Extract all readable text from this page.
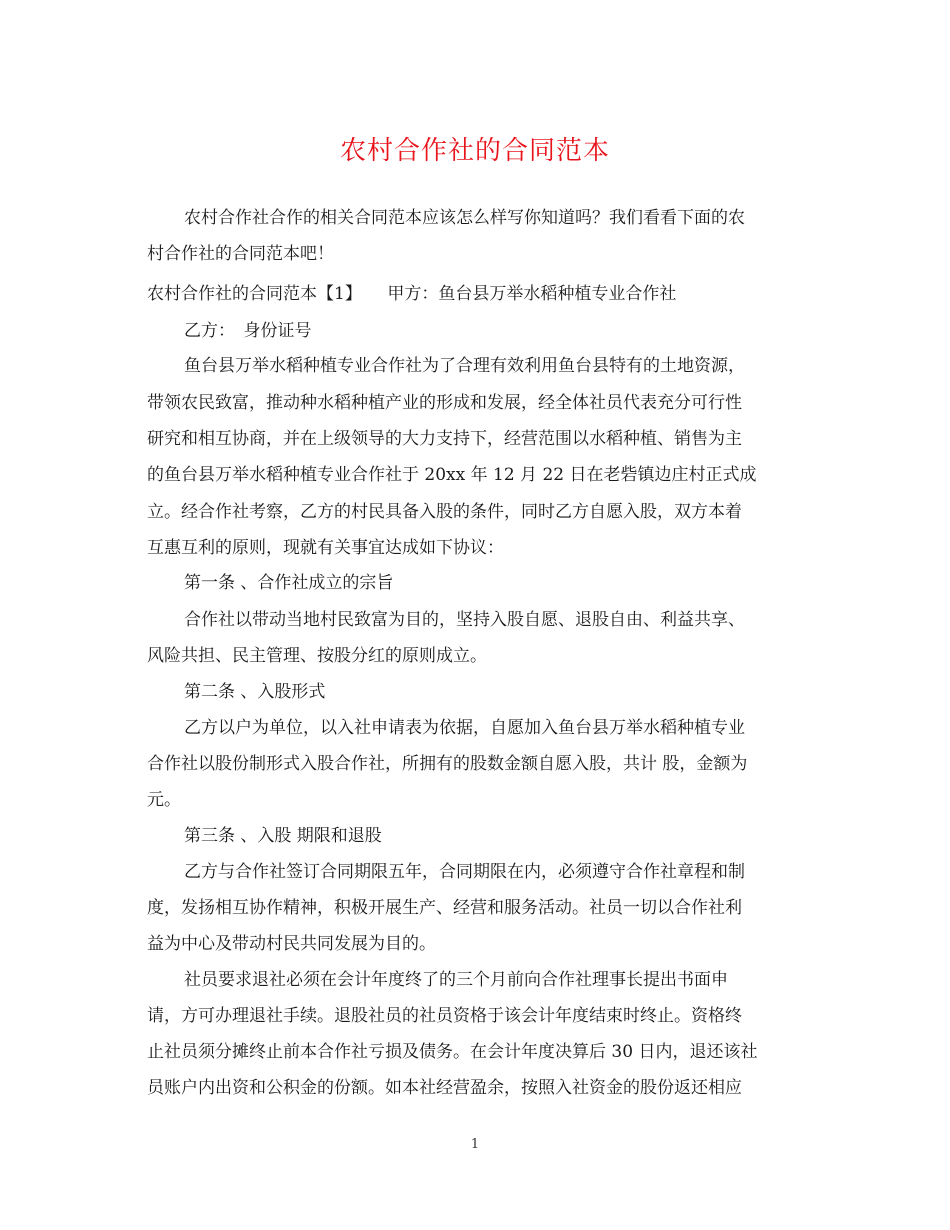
农村合作社的合同范本
农村合作社合作的相关合同范本应该怎么样写你知道吗？我们看看下面的农
村合作社的合同范本吧！
农村合作社的合同范本【1】　　甲方：鱼台县万举水稻种植专业合作社
乙方：　身份证号
鱼台县万举水稻种植专业合作社为了合理有效利用鱼台县特有的土地资源，
带领农民致富，推动种水稻种植产业的形成和发展，经全体社员代表充分可行性
研究和相互协商，并在上级领导的大力支持下，经营范围以水稻种植、销售为主
的鱼台县万举水稻种植专业合作社于 20xx 年 12 月 22 日在老砦镇边庄村正式成
立。经合作社考察，乙方的村民具备入股的条件，同时乙方自愿入股，双方本着
互惠互利的原则，现就有关事宜达成如下协议：
第一条 、合作社成立的宗旨
合作社以带动当地村民致富为目的，坚持入股自愿、退股自由、利益共享、
风险共担、民主管理、按股分红的原则成立。
第二条 、入股形式
乙方以户为单位，以入社申请表为依据，自愿加入鱼台县万举水稻种植专业
合作社以股份制形式入股合作社，所拥有的股数金额自愿入股，共计 股，金额为
元。
第三条 、入股 期限和退股
乙方与合作社签订合同期限五年，合同期限在内，必须遵守合作社章程和制
度，发扬相互协作精神，积极开展生产、经营和服务活动。社员一切以合作社利
益为中心及带动村民共同发展为目的。
社员要求退社必须在会计年度终了的三个月前向合作社理事长提出书面申
请，方可办理退社手续。退股社员的社员资格于该会计年度结束时终止。资格终
止社员须分摊终止前本合作社亏损及债务。在会计年度决算后 30 日内，退还该社
员账户内出资和公积金的份额。如本社经营盈余，按照入社资金的股份返还相应
1
